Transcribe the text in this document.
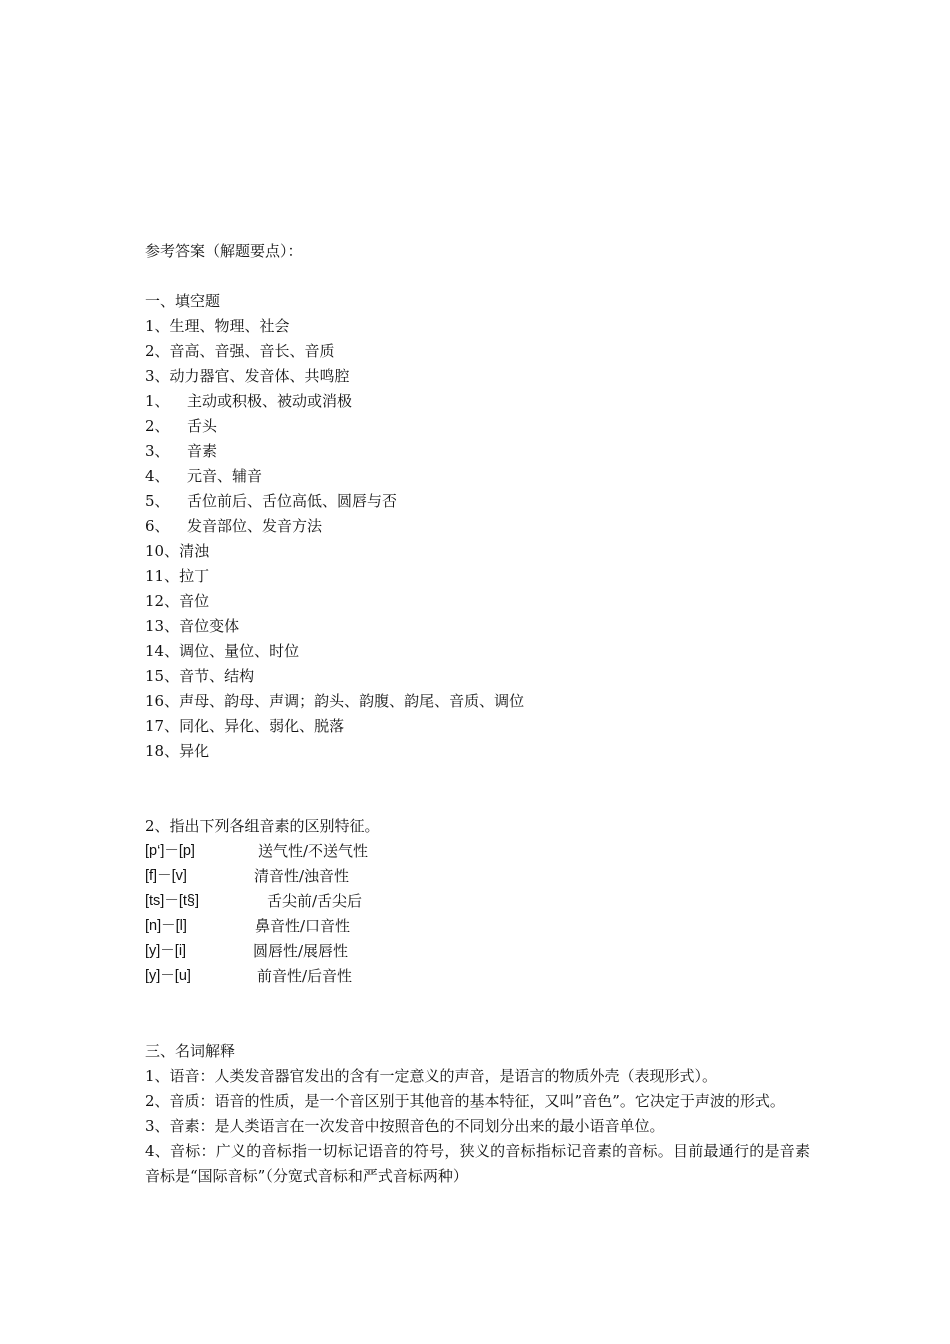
参考答案（解题要点）：
一、填空题
1、生理、物理、社会
2、音高、音强、音长、音质
3、动力器官、发音体、共鸣腔
1、 主动或积极、被动或消极
2、 舌头
3、 音素
4、 元音、辅音
5、 舌位前后、舌位高低、圆唇与否
6、 发音部位、发音方法
10、清浊
11、拉丁
12、音位
13、音位变体
14、调位、量位、时位
15、音节、结构
16、声母、韵母、声调；韵头、韵腹、韵尾、音质、调位
17、同化、异化、弱化、脱落
18、异化
2、指出下列各组音素的区别特征。
[p‘]－[p]	送气性/不送气性
[f]－[v]	清音性/浊音性
[ts]－[t§]	舌尖前/舌尖后
[n]－[l]	鼻音性/口音性
[y]－[i]	圆唇性/展唇性
[y]－[u]	前音性/后音性
三、名词解释
1、语音：人类发音器官发出的含有一定意义的声音，是语言的物质外壳（表现形式）。
2、音质：语音的性质，是一个音区别于其他音的基本特征，又叫”音色”。它决定于声波的形式。
3、音素：是人类语言在一次发音中按照音色的不同划分出来的最小语音单位。
4、音标：广义的音标指一切标记语音的符号，狭义的音标指标记音素的音标。目前最通行的是音素音标是“国际音标”（分宽式音标和严式音标两种）
